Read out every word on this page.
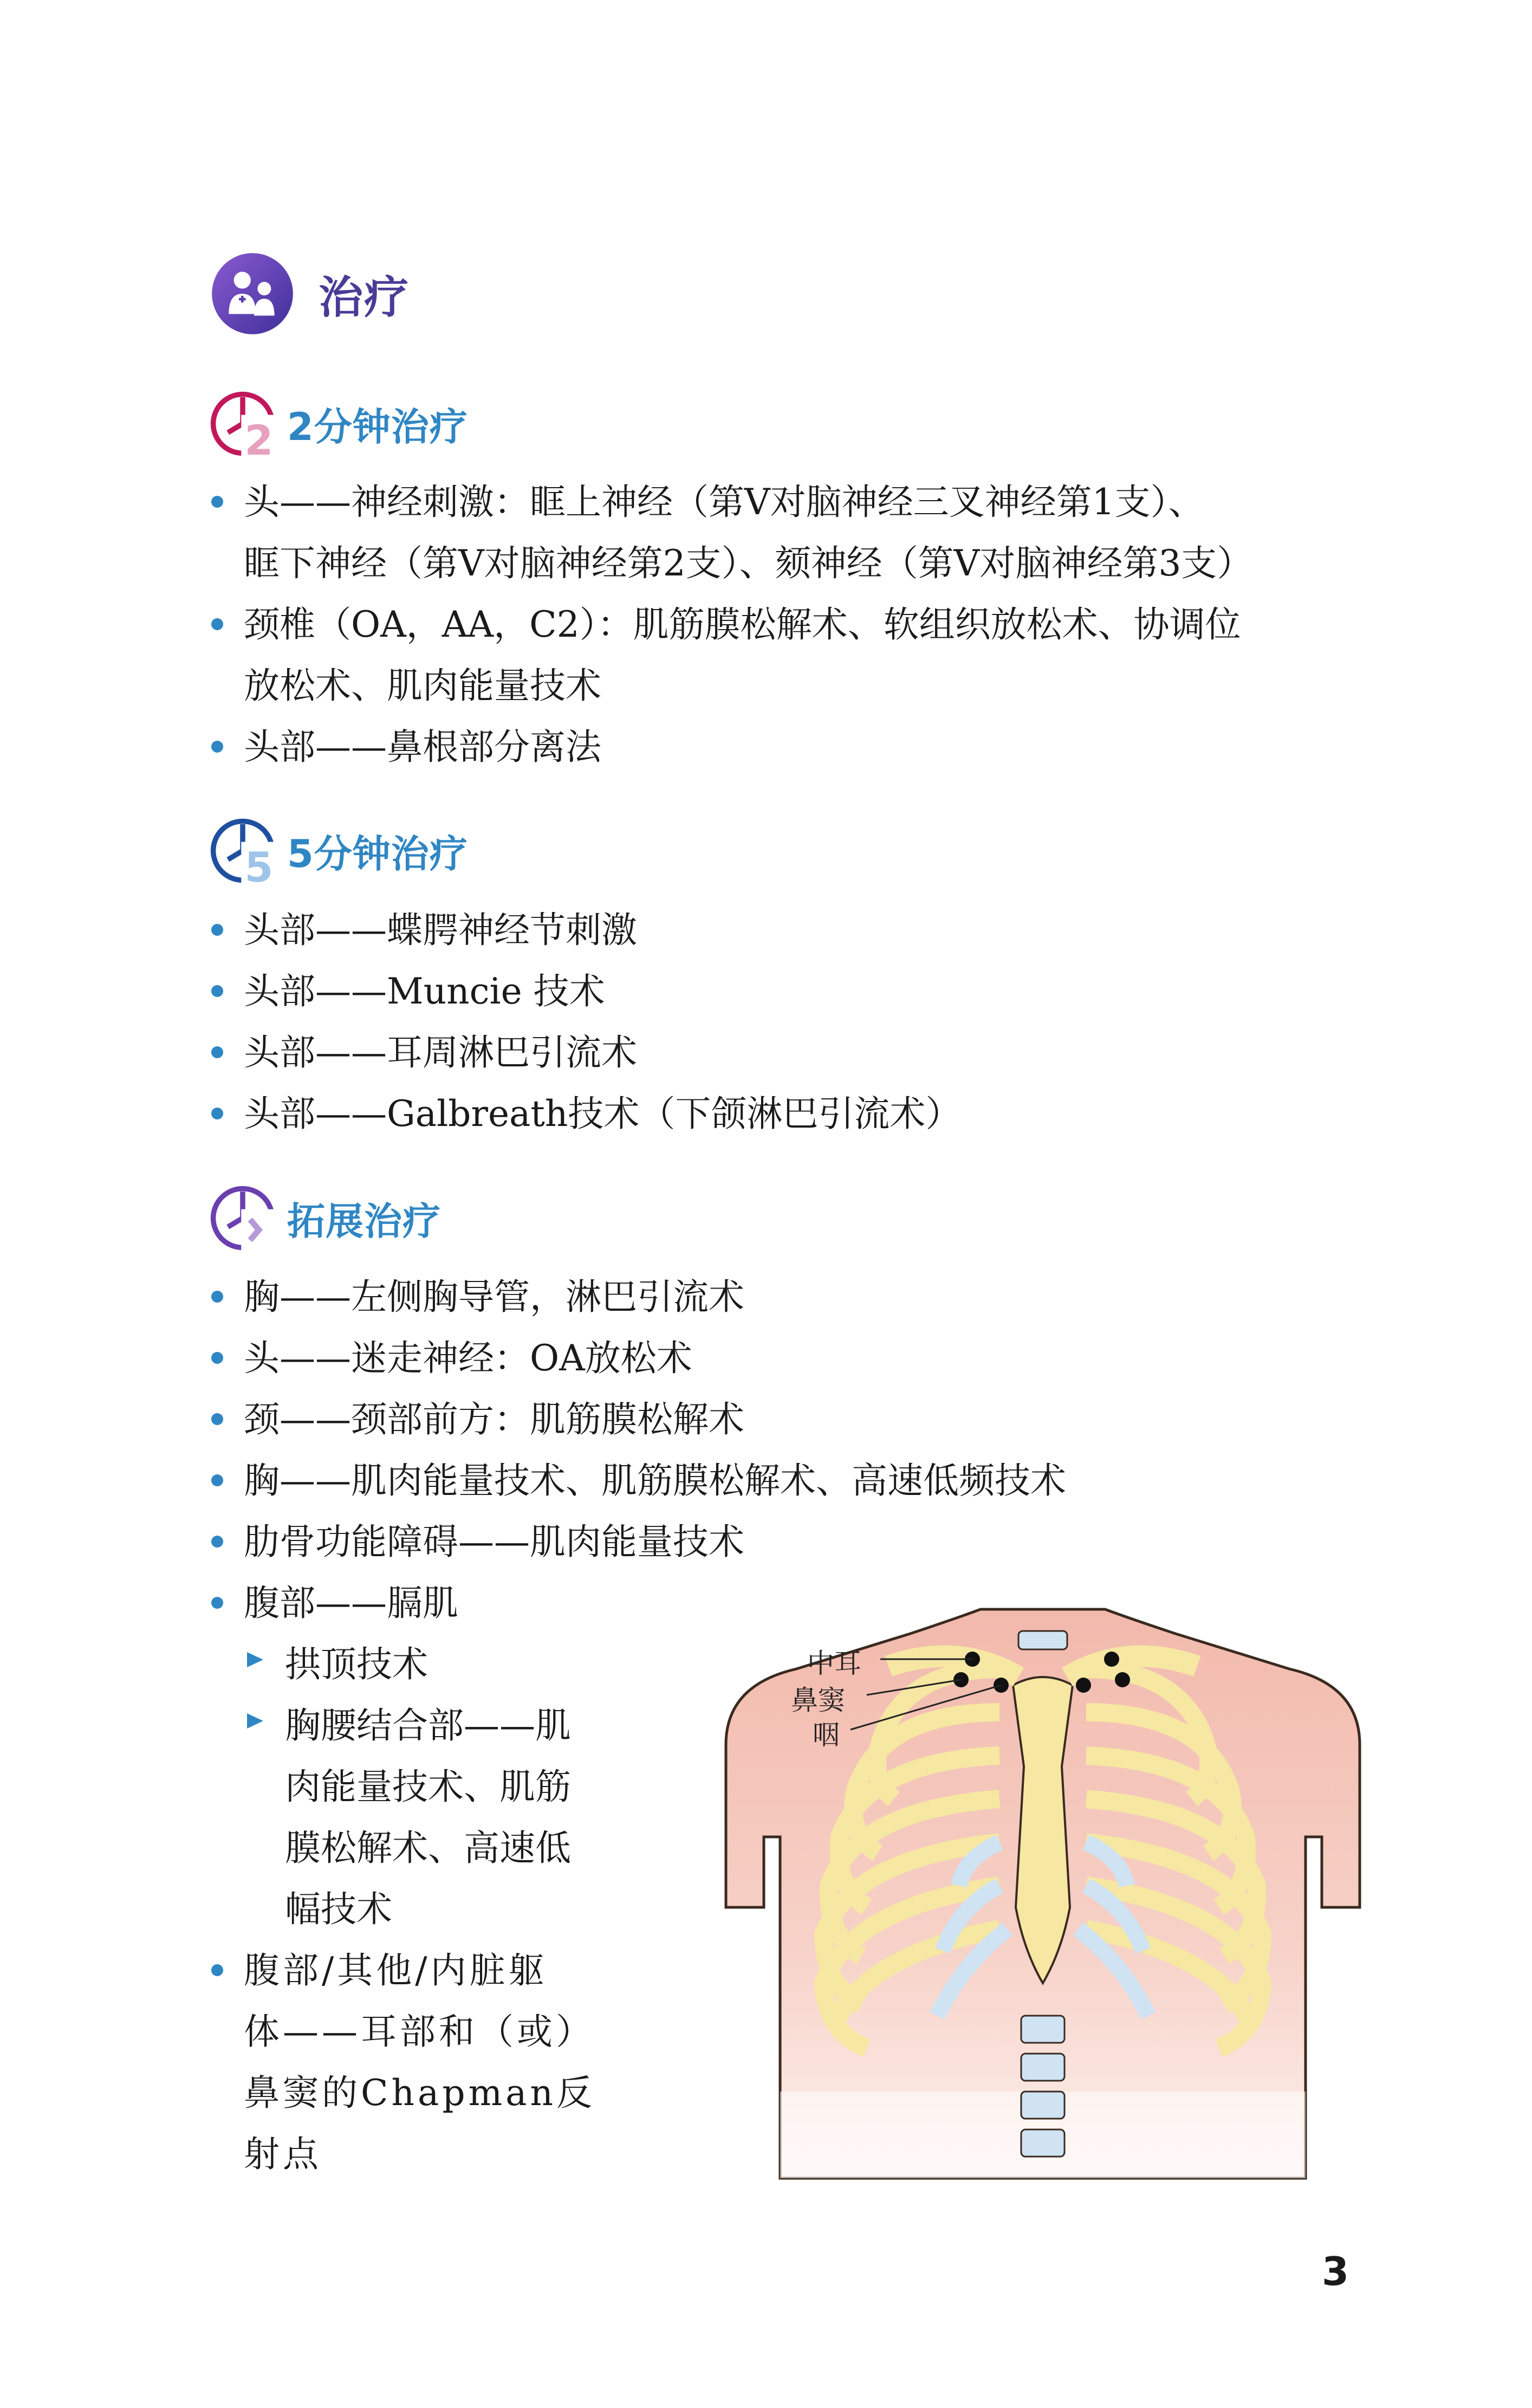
治疗
2 2分钟治疗
头——神经刺激：眶上神经（第Ⅴ对脑神经三叉神经第1支）、
眶下神经（第Ⅴ对脑神经第2支）、颏神经（第Ⅴ对脑神经第3支）
颈椎（OA，AA，C2）：肌筋膜松解术、软组织放松术、协调位
放松术、肌肉能量技术
头部——鼻根部分离法
5 5分钟治疗
头部——蝶腭神经节刺激
头部——Muncie 技术
头部——耳周淋巴引流术
头部——Galbreath技术（下颌淋巴引流术）
拓展治疗
胸——左侧胸导管，淋巴引流术
头——迷走神经：OA放松术
颈——颈部前方：肌筋膜松解术
胸——肌肉能量技术、肌筋膜松解术、高速低频技术
肋骨功能障碍——肌肉能量技术
腹部——膈肌
拱顶技术
胸腰结合部——肌
肉能量技术、肌筋
膜松解术、高速低
幅技术
腹部/其他/内脏躯
体——耳部和（或）
鼻窦的Chapman反
射点
中耳
鼻窦
咽
3
